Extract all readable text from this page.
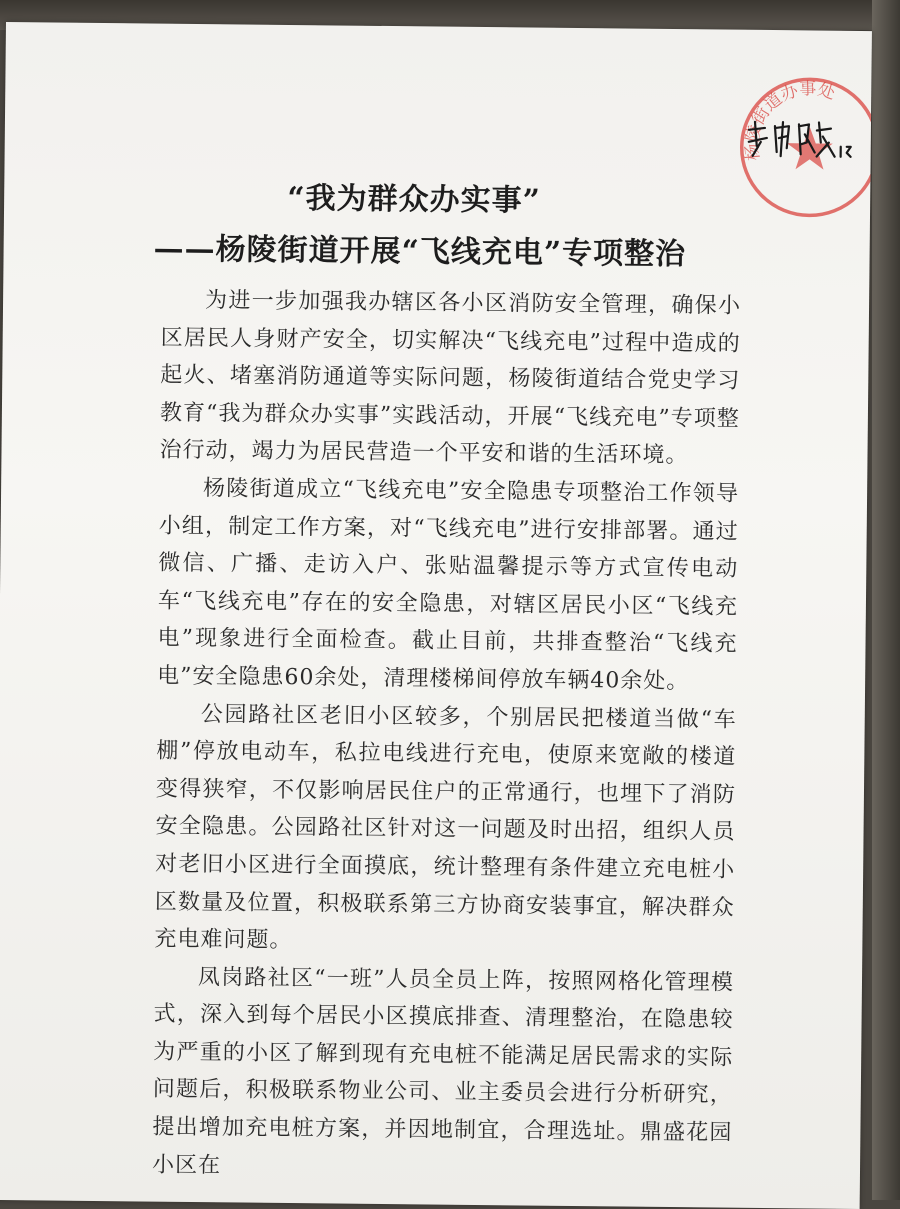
杨陵街道办事处
“我为群众办实事”
——杨陵街道开展“飞线充电”专项整治

为进一步加强我办辖区各小区消防安全管理，确保小区居民人身财产安全，切实解决“飞线充电”过程中造成的起火、堵塞消防通道等实际问题，杨陵街道结合党史学习教育“我为群众办实事”实践活动，开展“飞线充电”专项整治行动，竭力为居民营造一个平安和谐的生活环境。

杨陵街道成立“飞线充电”安全隐患专项整治工作领导小组，制定工作方案，对“飞线充电”进行安排部署。通过微信、广播、走访入户、张贴温馨提示等方式宣传电动车“飞线充电”存在的安全隐患，对辖区居民小区“飞线充电”现象进行全面检查。截止目前，共排查整治“飞线充电”安全隐患60余处，清理楼梯间停放车辆40余处。

公园路社区老旧小区较多，个别居民把楼道当做“车棚”停放电动车，私拉电线进行充电，使原来宽敞的楼道变得狭窄，不仅影响居民住户的正常通行，也埋下了消防安全隐患。公园路社区针对这一问题及时出招，组织人员对老旧小区进行全面摸底，统计整理有条件建立充电桩小区数量及位置，积极联系第三方协商安装事宜，解决群众充电难问题。

凤岗路社区“一班”人员全员上阵，按照网格化管理模式，深入到每个居民小区摸底排查、清理整治，在隐患较为严重的小区了解到现有充电桩不能满足居民需求的实际问题后，积极联系物业公司、业主委员会进行分析研究，提出增加充电桩方案，并因地制宜，合理选址。鼎盛花园小区在
